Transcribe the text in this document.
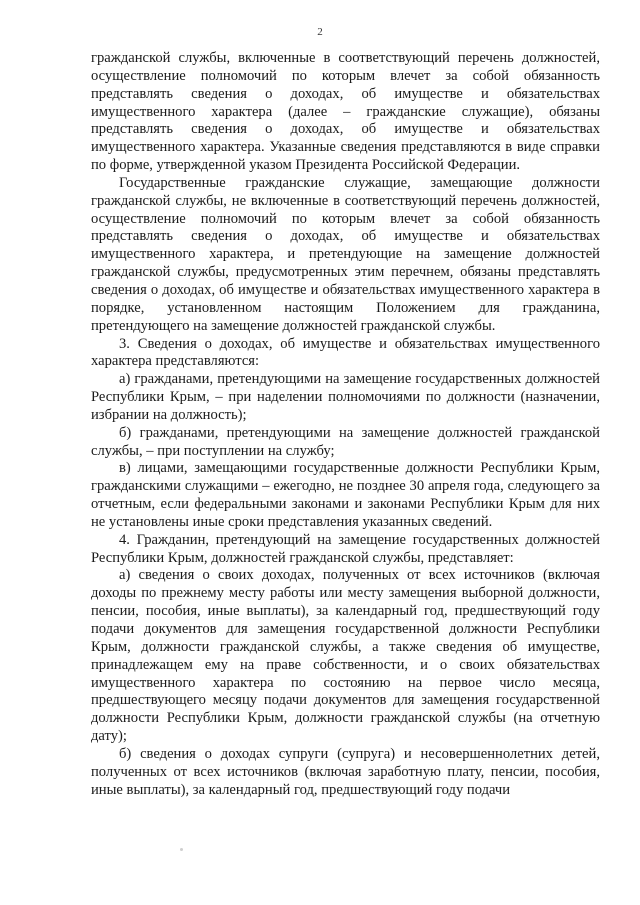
2

гражданской службы, включенные в соответствующий перечень должностей, осуществление полномочий по которым влечет за собой обязанность представлять сведения о доходах, об имуществе и обязательствах имущественного характера (далее – гражданские служащие), обязаны представлять сведения о доходах, об имуществе и обязательствах имущественного характера. Указанные сведения представляются в виде справки по форме, утвержденной указом Президента Российской Федерации.

Государственные гражданские служащие, замещающие должности гражданской службы, не включенные в соответствующий перечень должностей, осуществление полномочий по которым влечет за собой обязанность представлять сведения о доходах, об имуществе и обязательствах имущественного характера, и претендующие на замещение должностей гражданской службы, предусмотренных этим перечнем, обязаны представлять сведения о доходах, об имуществе и обязательствах имущественного характера в порядке, установленном настоящим Положением для гражданина, претендующего на замещение должностей гражданской службы.

3. Сведения о доходах, об имуществе и обязательствах имущественного характера представляются:

а) гражданами, претендующими на замещение государственных должностей Республики Крым, – при наделении полномочиями по должности (назначении, избрании на должность);

б) гражданами, претендующими на замещение должностей гражданской службы, – при поступлении на службу;

в) лицами, замещающими государственные должности Республики Крым, гражданскими служащими – ежегодно, не позднее 30 апреля года, следующего за отчетным, если федеральными законами и законами Республики Крым для них не установлены иные сроки представления указанных сведений.

4. Гражданин, претендующий на замещение государственных должностей Республики Крым, должностей гражданской службы, представляет:

а) сведения о своих доходах, полученных от всех источников (включая доходы по прежнему месту работы или месту замещения выборной должности, пенсии, пособия, иные выплаты), за календарный год, предшествующий году подачи документов для замещения государственной должности Республики Крым, должности гражданской службы, а также сведения об имуществе, принадлежащем ему на праве собственности, и о своих обязательствах имущественного характера по состоянию на первое число месяца, предшествующего месяцу подачи документов для замещения государственной должности Республики Крым, должности гражданской службы (на отчетную дату);

б) сведения о доходах супруги (супруга) и несовершеннолетних детей, полученных от всех источников (включая заработную плату, пенсии, пособия, иные выплаты), за календарный год, предшествующий году подачи
